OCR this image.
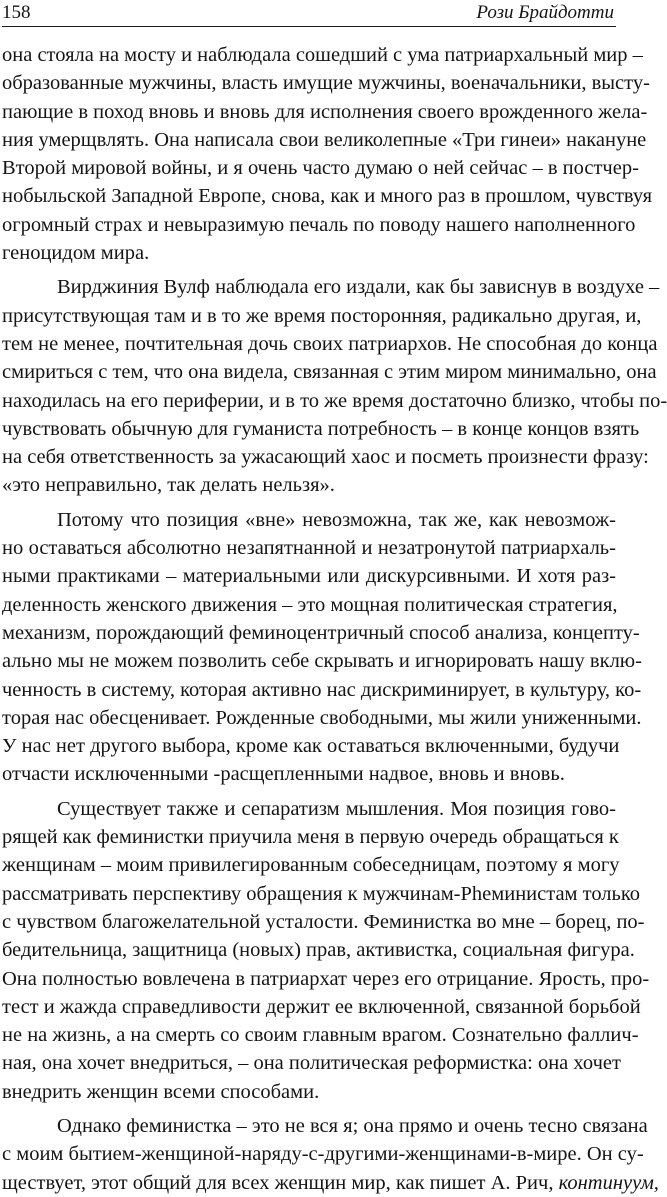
158	Рози Брайдотти
она стояла на мосту и наблюдала сошедший с ума патриархальный мир –
образованные мужчины, власть имущие мужчины, военачальники, высту-
пающие в поход вновь и вновь для исполнения своего врожденного жела-
ния умерщвлять. Она написала свои великолепные «Три гинеи» накануне
Второй мировой войны, и я очень часто думаю о ней сейчас – в постчер-
нобыльской Западной Европе, снова, как и много раз в прошлом, чувствуя
огромный страх и невыразимую печаль по поводу нашего наполненного
геноцидом мира.
Вирджиния Вулф наблюдала его издали, как бы зависнув в воздухе –
присутствующая там и в то же время посторонняя, радикально другая, и,
тем не менее, почтительная дочь своих патриархов. Не способная до конца
смириться с тем, что она видела, связанная с этим миром минимально, она
находилась на его периферии, и в то же время достаточно близко, чтобы по-
чувствовать обычную для гуманиста потребность – в конце концов взять
на себя ответственность за ужасающий хаос и посметь произнести фразу:
«это неправильно, так делать нельзя».
Потому что позиция «вне» невозможна, так же, как невозмож-
но оставаться абсолютно незапятнанной и незатронутой патриархаль-
ными практиками – материальными или дискурсивными. И хотя раз-
деленность женского движения – это мощная политическая стратегия,
механизм, порождающий феминоцентричный способ анализа, концепту-
ально мы не можем позволить себе скрывать и игнорировать нашу вклю-
ченность в систему, которая активно нас дискриминирует, в культуру, ко-
торая нас обесценивает. Рожденные свободными, мы жили униженными.
У нас нет другого выбора, кроме как оставаться включенными, будучи
отчасти исключенными -расщепленными надвое, вновь и вновь.
Существует также и сепаратизм мышления. Моя позиция гово-
рящей как феминистки приучила меня в первую очередь обращаться к
женщинам – моим привилегированным собеседницам, поэтому я могу
рассматривать перспективу обращения к мужчинам-Pheминистам только
с чувством благожелательной усталости. Феминистка во мне – борец, по-
бедительница, защитница (новых) прав, активистка, социальная фигура.
Она полностью вовлечена в патриархат через его отрицание. Ярость, про-
тест и жажда справедливости держит ее включенной, связанной борьбой
не на жизнь, а на смерть со своим главным врагом. Сознательно фаллич-
ная, она хочет внедриться, – она политическая реформистка: она хочет
внедрить женщин всеми способами.
Однако феминистка – это не вся я; она прямо и очень тесно связана
с моим бытием-женщиной-наряду-с-другими-женщинами-в-мире. Он су-
ществует, этот общий для всех женщин мир, как пишет А. Рич, континуум,
